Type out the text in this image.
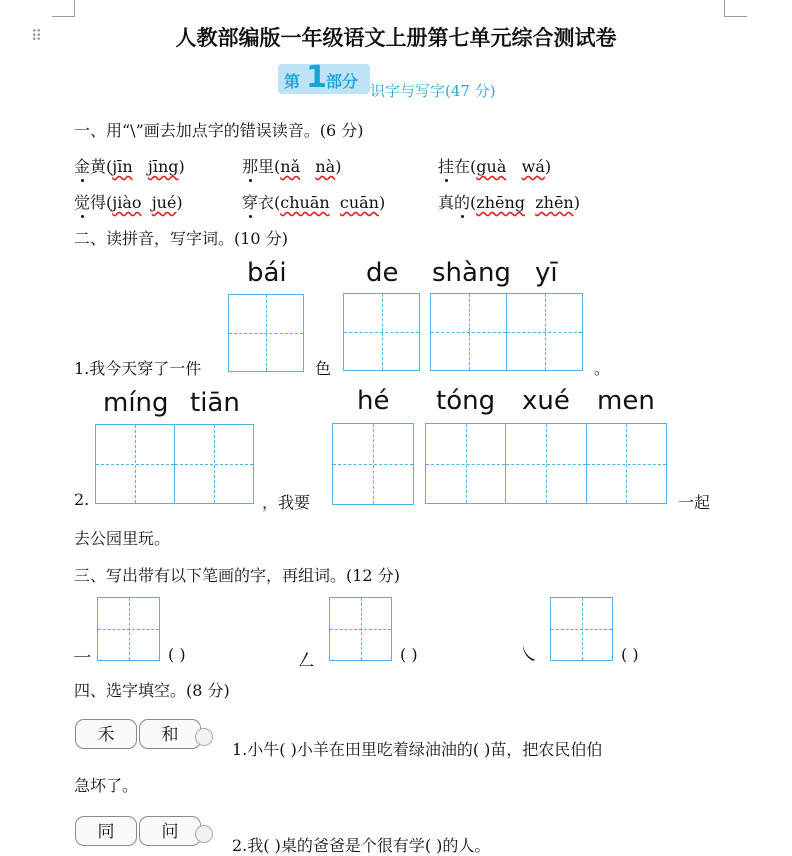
⠿	人教部编版一年级语文上册第七单元综合测试卷
第 1 部分 识字与写字(47 分)
一、用“\”画去加点字的错误读音。(6 分)
金黄(jīn jīng)	那里(nǎ nà)	挂在(guà wá)
觉得(jiào jué)	穿衣(chuān cuān)	真的(zhēng zhēn)
二、读拼音，写字词。(10 分)
bái	de shàng yī
1.我今天穿了一件	色	。
míng tiān	hé tóng xué men
2.	，我要	一起
去公园里玩。
三、写出带有以下笔画的字，再组词。(12 分)
㇐	( )	㇜	( )	㇏	( )
四、选字填空。(8 分)
禾	和
1.小牛( )小羊在田里吃着绿油油的( )苗，把农民伯伯
急坏了。
同	问
2.我( )桌的爸爸是个很有学( )的人。
